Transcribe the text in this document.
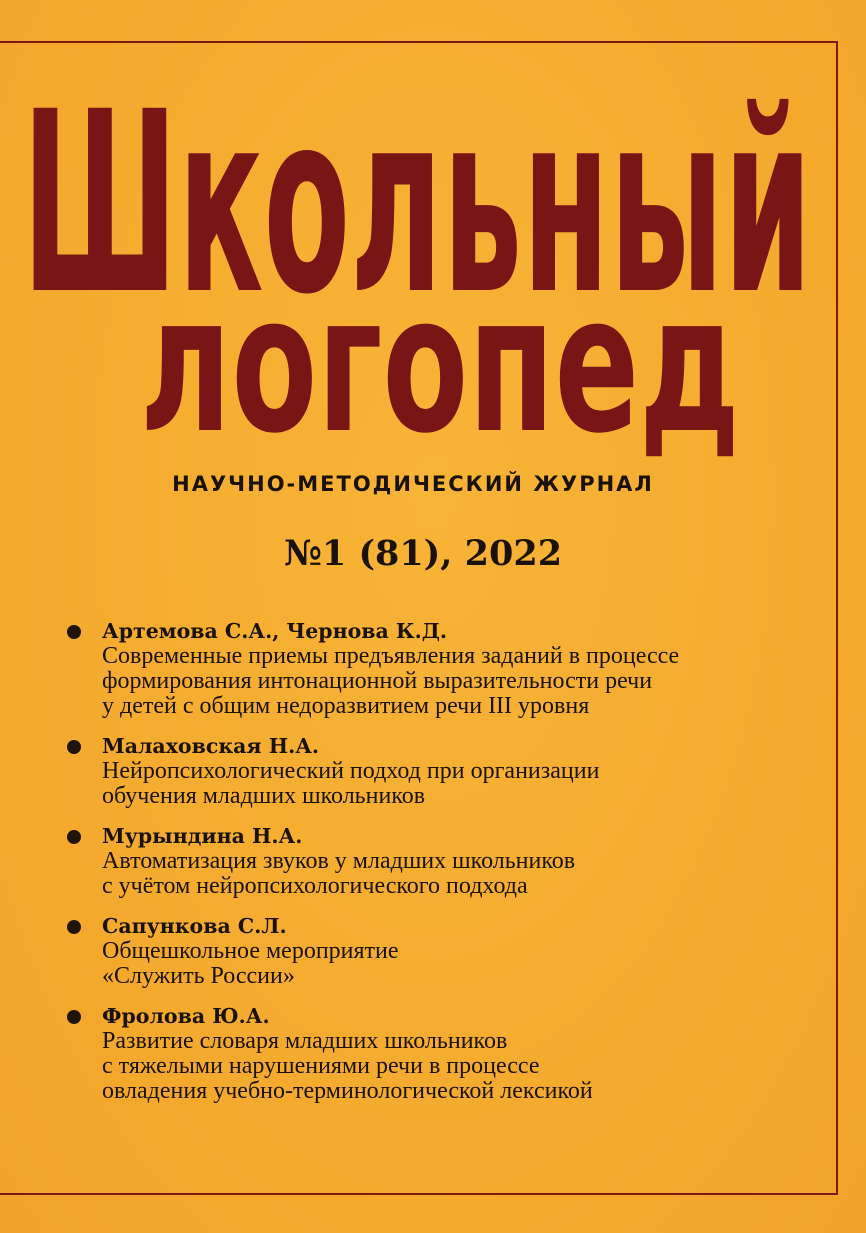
Школьный
логопед
НАУЧНО-МЕТОДИЧЕСКИЙ ЖУРНАЛ
№1 (81), 2022
Артемова С.А., Чернова К.Д.
Современные приемы предъявления заданий в процессе
формирования интонационной выразительности речи
у детей с общим недоразвитием речи III уровня
Малаховская Н.А.
Нейропсихологический подход при организации
обучения младших школьников
Мурындина Н.А.
Автоматизация звуков у младших школьников
с учётом нейропсихологического подхода
Сапункова С.Л.
Общешкольное мероприятие
«Служить России»
Фролова Ю.А.
Развитие словаря младших школьников
с тяжелыми нарушениями речи в процессе
овладения учебно-терминологической лексикой
